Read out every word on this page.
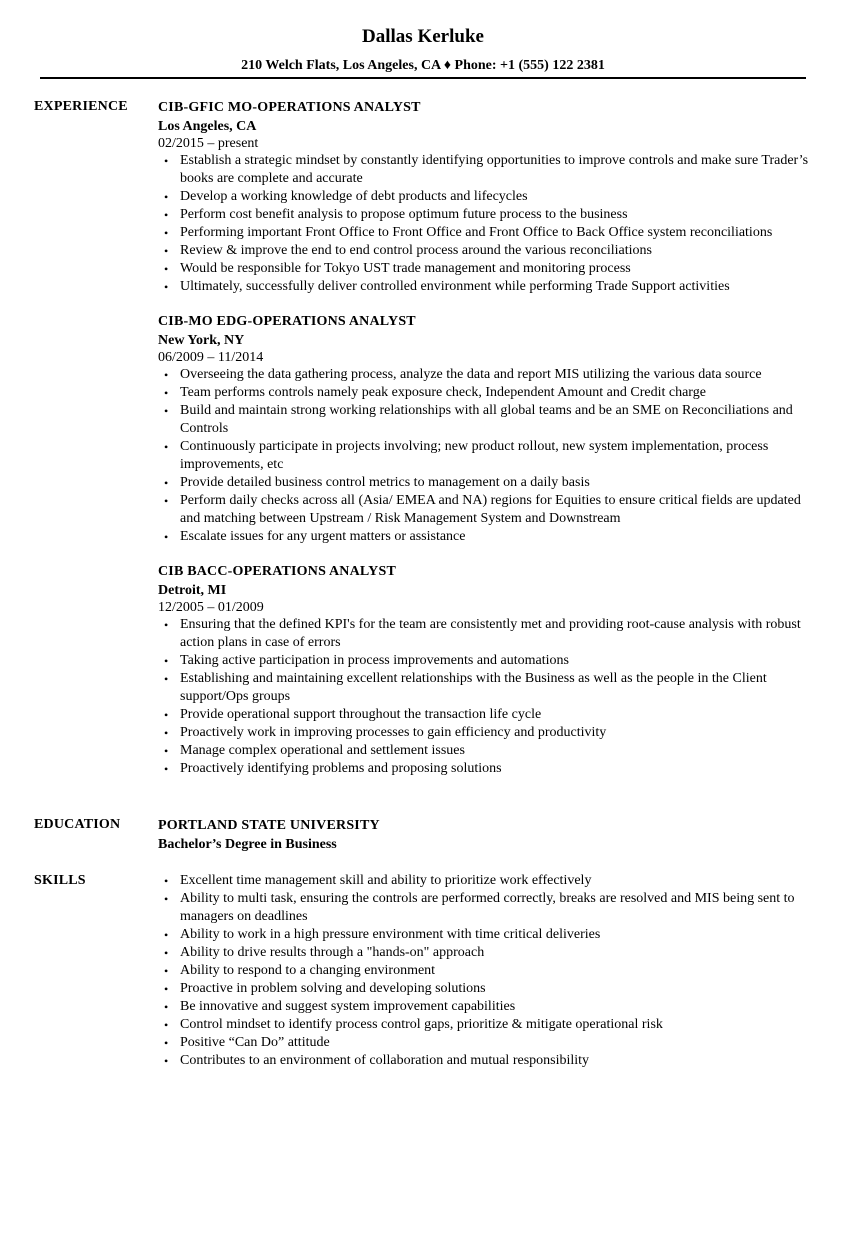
Dallas Kerluke
210 Welch Flats, Los Angeles, CA ♦ Phone: +1 (555) 122 2381
EXPERIENCE	CIB-GFIC MO-OPERATIONS ANALYST
Los Angeles, CA
02/2015 – present
• Establish a strategic mindset by constantly identifying opportunities to improve controls and make sure Trader’s books are complete and accurate
• Develop a working knowledge of debt products and lifecycles
• Perform cost benefit analysis to propose optimum future process to the business
• Performing important Front Office to Front Office and Front Office to Back Office system reconciliations
• Review & improve the end to end control process around the various reconciliations
• Would be responsible for Tokyo UST trade management and monitoring process
• Ultimately, successfully deliver controlled environment while performing Trade Support activities
CIB-MO EDG-OPERATIONS ANALYST
New York, NY
06/2009 – 11/2014
• Overseeing the data gathering process, analyze the data and report MIS utilizing the various data source
• Team performs controls namely peak exposure check, Independent Amount and Credit charge
• Build and maintain strong working relationships with all global teams and be an SME on Reconciliations and Controls
• Continuously participate in projects involving; new product rollout, new system implementation, process improvements, etc
• Provide detailed business control metrics to management on a daily basis
• Perform daily checks across all (Asia/ EMEA and NA) regions for Equities to ensure critical fields are updated and matching between Upstream / Risk Management System and Downstream
• Escalate issues for any urgent matters or assistance
CIB BACC-OPERATIONS ANALYST
Detroit, MI
12/2005 – 01/2009
• Ensuring that the defined KPI's for the team are consistently met and providing root-cause analysis with robust action plans in case of errors
• Taking active participation in process improvements and automations
• Establishing and maintaining excellent relationships with the Business as well as the people in the Client support/Ops groups
• Provide operational support throughout the transaction life cycle
• Proactively work in improving processes to gain efficiency and productivity
• Manage complex operational and settlement issues
• Proactively identifying problems and proposing solutions
EDUCATION	PORTLAND STATE UNIVERSITY
Bachelor’s Degree in Business
SKILLS	• Excellent time management skill and ability to prioritize work effectively
• Ability to multi task, ensuring the controls are performed correctly, breaks are resolved and MIS being sent to managers on deadlines
• Ability to work in a high pressure environment with time critical deliveries
• Ability to drive results through a "hands-on" approach
• Ability to respond to a changing environment
• Proactive in problem solving and developing solutions
• Be innovative and suggest system improvement capabilities
• Control mindset to identify process control gaps, prioritize & mitigate operational risk
• Positive “Can Do” attitude
• Contributes to an environment of collaboration and mutual responsibility
